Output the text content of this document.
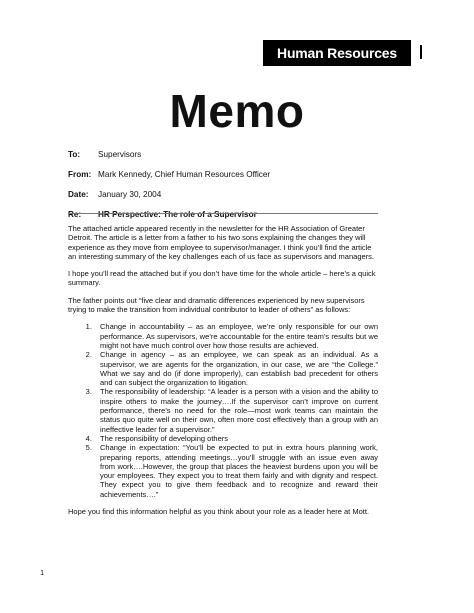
Human Resources
Memo
To:	Supervisors
From: Mark Kennedy, Chief Human Resources Officer
Date:	January 30, 2004
Re:	HR Perspective: The role of a Supervisor

The attached article appeared recently in the newsletter for the HR Association of Greater Detroit. The article is a letter from a father to his two sons explaining the changes they will experience as they move from employee to supervisor/manager. I think you’ll find the article an interesting summary of the key challenges each of us face as supervisors and managers.

I hope you’ll read the attached but if you don’t have time for the whole article – here’s a quick summary.

The father points out “five clear and dramatic differences experienced by new supervisors trying to make the transition from individual contributor to leader of others” as follows:

1. Change in accountability – as an employee, we’re only responsible for our own performance. As supervisors, we’re accountable for the entire team’s results but we might not have much control over how those results are achieved.
2. Change in agency – as an employee, we can speak as an individual. As a supervisor, we are agents for the organization, in our case, we are “the College.” What we say and do (if done improperly), can establish bad precedent for others and can subject the organization to litigation.
3. The responsibility of leadership: “A leader is a person with a vision and the ability to inspire others to make the journey….If the supervisor can’t improve on current performance, there’s no need for the role—most work teams can maintain the status quo quite well on their own, often more cost effectively than a group with an ineffective leader for a supervisor.”
4. The responsibility of developing others
5. Change in expectation: “You’ll be expected to put in extra hours planning work, preparing reports, attending meetings…you’ll struggle with an issue even away from work….However, the group that places the heaviest burdens upon you will be your employees. They expect you to treat them fairly and with dignity and respect. They expect you to give them feedback and to recognize and reward their achievements….”

Hope you find this information helpful as you think about your role as a leader here at Mott.

1
